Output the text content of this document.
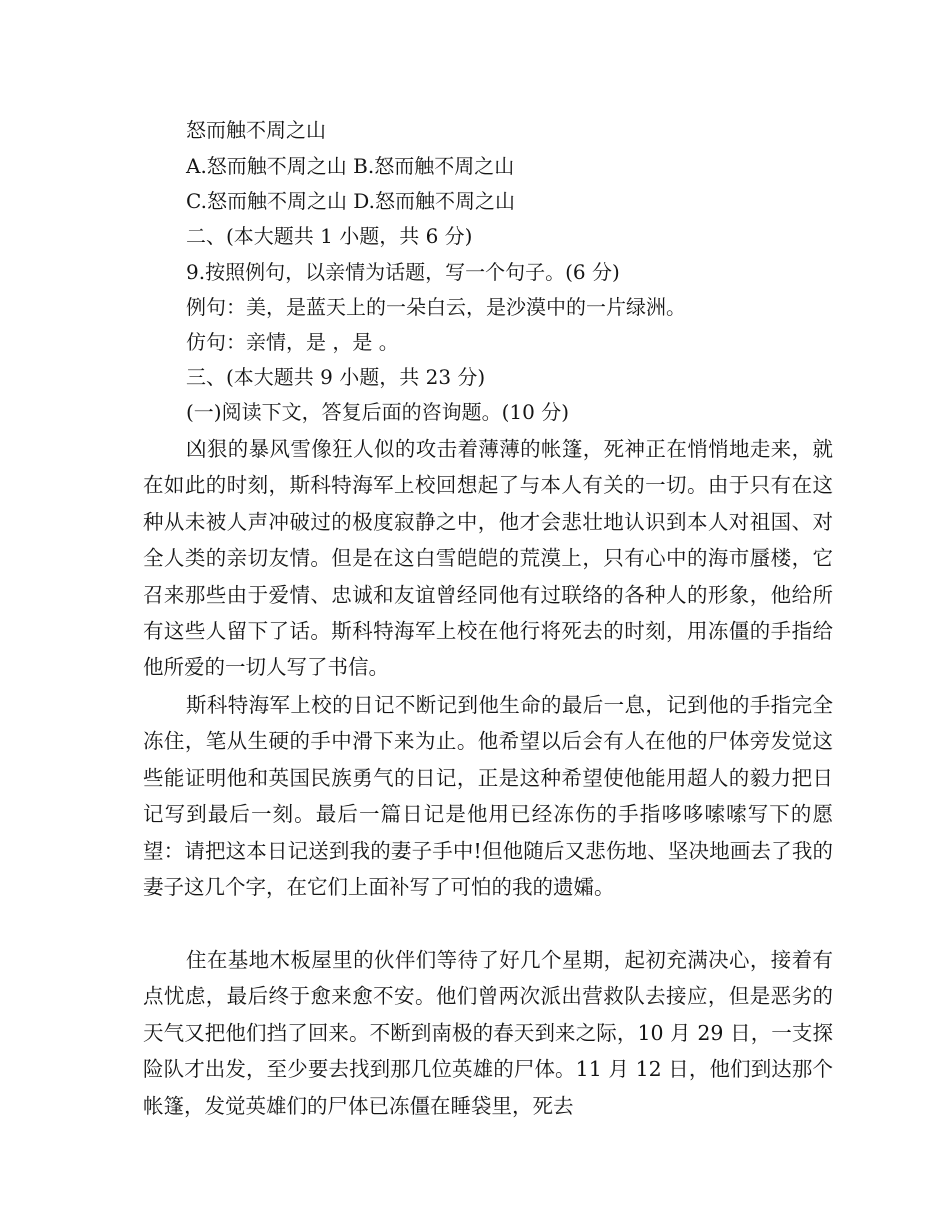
怒而触不周之山
A.怒而触不周之山 B.怒而触不周之山
C.怒而触不周之山 D.怒而触不周之山
二、(本大题共 1 小题，共 6 分)
9.按照例句，以亲情为话题，写一个句子。(6 分)
例句：美，是蓝天上的一朵白云，是沙漠中的一片绿洲。
仿句：亲情，是 ，是 。
三、(本大题共 9 小题，共 23 分)
(一)阅读下文，答复后面的咨询题。(10 分)

凶狠的暴风雪像狂人似的攻击着薄薄的帐篷，死神正在悄悄地走来，就在如此的时刻，斯科特海军上校回想起了与本人有关的一切。由于只有在这种从未被人声冲破过的极度寂静之中，他才会悲壮地认识到本人对祖国、对全人类的亲切友情。但是在这白雪皑皑的荒漠上，只有心中的海市蜃楼，它召来那些由于爱情、忠诚和友谊曾经同他有过联络的各种人的形象，他给所有这些人留下了话。斯科特海军上校在他行将死去的时刻，用冻僵的手指给他所爱的一切人写了书信。

斯科特海军上校的日记不断记到他生命的最后一息，记到他的手指完全冻住，笔从生硬的手中滑下来为止。他希望以后会有人在他的尸体旁发觉这些能证明他和英国民族勇气的日记，正是这种希望使他能用超人的毅力把日记写到最后一刻。最后一篇日记是他用已经冻伤的手指哆哆嗦嗦写下的愿望：请把这本日记送到我的妻子手中!但他随后又悲伤地、坚决地画去了我的妻子这几个字，在它们上面补写了可怕的我的遗孀。

住在基地木板屋里的伙伴们等待了好几个星期，起初充满决心，接着有点忧虑，最后终于愈来愈不安。他们曾两次派出营救队去接应，但是恶劣的天气又把他们挡了回来。不断到南极的春天到来之际，10 月 29 日，一支探险队才出发，至少要去找到那几位英雄的尸体。11 月 12 日，他们到达那个帐篷，发觉英雄们的尸体已冻僵在睡袋里，死去
